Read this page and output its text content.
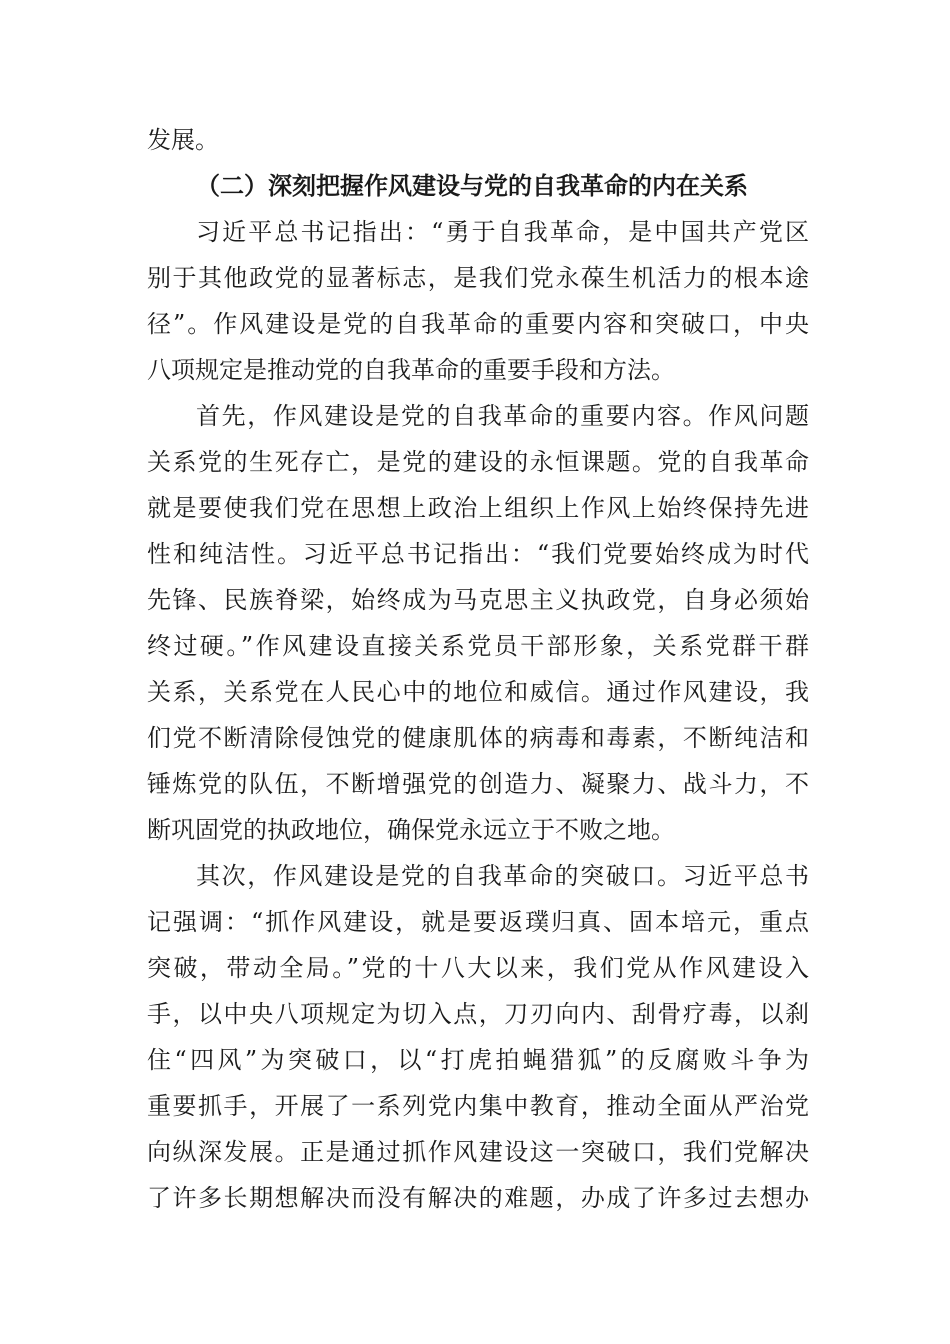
发展。
（二）深刻把握作风建设与党的自我革命的内在关系
习近平总书记指出：“勇于自我革命，是中国共产党区
别于其他政党的显著标志，是我们党永葆生机活力的根本途
径”。作风建设是党的自我革命的重要内容和突破口，中央
八项规定是推动党的自我革命的重要手段和方法。
首先，作风建设是党的自我革命的重要内容。作风问题
关系党的生死存亡，是党的建设的永恒课题。党的自我革命
就是要使我们党在思想上政治上组织上作风上始终保持先进
性和纯洁性。习近平总书记指出：“我们党要始终成为时代
先锋、民族脊梁，始终成为马克思主义执政党，自身必须始
终过硬。”作风建设直接关系党员干部形象，关系党群干群
关系，关系党在人民心中的地位和威信。通过作风建设，我
们党不断清除侵蚀党的健康肌体的病毒和毒素，不断纯洁和
锤炼党的队伍，不断增强党的创造力、凝聚力、战斗力，不
断巩固党的执政地位，确保党永远立于不败之地。
其次，作风建设是党的自我革命的突破口。习近平总书
记强调：“抓作风建设，就是要返璞归真、固本培元，重点
突破，带动全局。”党的十八大以来，我们党从作风建设入
手，以中央八项规定为切入点，刀刃向内、刮骨疗毒，以刹
住“四风”为突破口，以“打虎拍蝇猎狐”的反腐败斗争为
重要抓手，开展了一系列党内集中教育，推动全面从严治党
向纵深发展。正是通过抓作风建设这一突破口，我们党解决
了许多长期想解决而没有解决的难题，办成了许多过去想办
